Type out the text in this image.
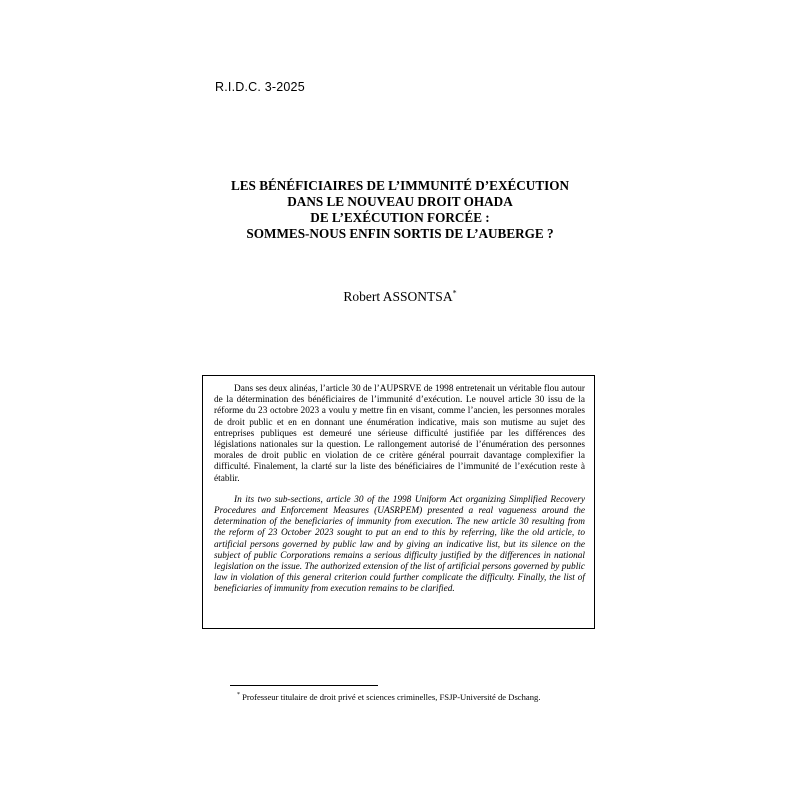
R.I.D.C. 3-2025
LES BÉNÉFICIAIRES DE L’IMMUNITÉ D’EXÉCUTION
DANS LE NOUVEAU DROIT OHADA
DE L’EXÉCUTION FORCÉE :
SOMMES-NOUS ENFIN SORTIS DE L’AUBERGE ?
Robert ASSONTSA*

Dans ses deux alinéas, l’article 30 de l’AUPSRVE de 1998 entretenait un véritable flou autour de la détermination des bénéficiaires de l’immunité d’exécution. Le nouvel article 30 issu de la réforme du 23 octobre 2023 a voulu y mettre fin en visant, comme l’ancien, les personnes morales de droit public et en en donnant une énumération indicative, mais son mutisme au sujet des entreprises publiques est demeuré une sérieuse difficulté justifiée par les différences des législations nationales sur la question. Le rallongement autorisé de l’énumération des personnes morales de droit public en violation de ce critère général pourrait davantage complexifier la difficulté. Finalement, la clarté sur la liste des bénéficiaires de l’immunité de l’exécution reste à établir.

In its two sub-sections, article 30 of the 1998 Uniform Act organizing Simplified Recovery Procedures and Enforcement Measures (UASRPEM) presented a real vagueness around the determination of the beneficiaries of immunity from execution. The new article 30 resulting from the reform of 23 October 2023 sought to put an end to this by referring, like the old article, to artificial persons governed by public law and by giving an indicative list, but its silence on the subject of public Corporations remains a serious difficulty justified by the differences in national legislation on the issue. The authorized extension of the list of artificial persons governed by public law in violation of this general criterion could further complicate the difficulty. Finally, the list of beneficiaries of immunity from execution remains to be clarified.

* Professeur titulaire de droit privé et sciences criminelles, FSJP-Université de Dschang.
